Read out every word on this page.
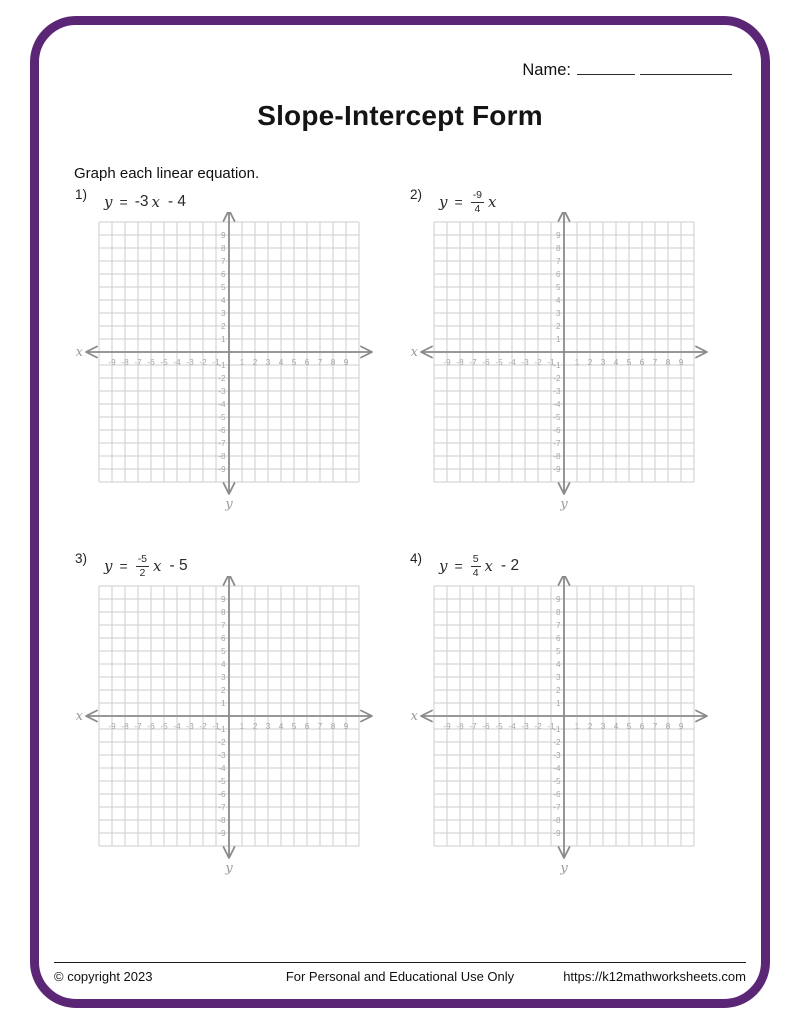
Name:
Slope-Intercept Form
Graph each linear equation.
1) y = -3 x - 4
-9 -8 -7 -6 -5 -4 -3 -2 -1 1 2 3 4 5 6 7 8 9
9
8
7
6
5
4
3
2
1
-1
-2
-3
-4
-5
-6
-7
-8
-9
x
y
2) $y = \frac{-9}{4}$ x
-9 -8 -7 -6 -5 -4 -3 -2 -1 1 2 3 4 5 6 7 8 9
9
8
7
6
5
4
3
2
1
-1
-2
-3
-4
-5
-6
-7
-8
-9
x
y
3) $y = \frac{-5}{2}$ x - 5
-9 -8 -7 -6 -5 -4 -3 -2 -1 1 2 3 4 5 6 7 8 9
9
8
7
6
5
4
3
2
1
-1
-2
-3
-4
-5
-6
-7
-8
-9
x
y
4) $y = \frac{5}{4}$ x - 2
-9 -8 -7 -6 -5 -4 -3 -2 -1 1 2 3 4 5 6 7 8 9
9
8
7
6
5
4
3
2
1
-1
-2
-3
-4
-5
-6
-7
-8
-9
x
y
For Personal and Educational Use Only
© copyright 2023	https://k12mathworksheets.com
